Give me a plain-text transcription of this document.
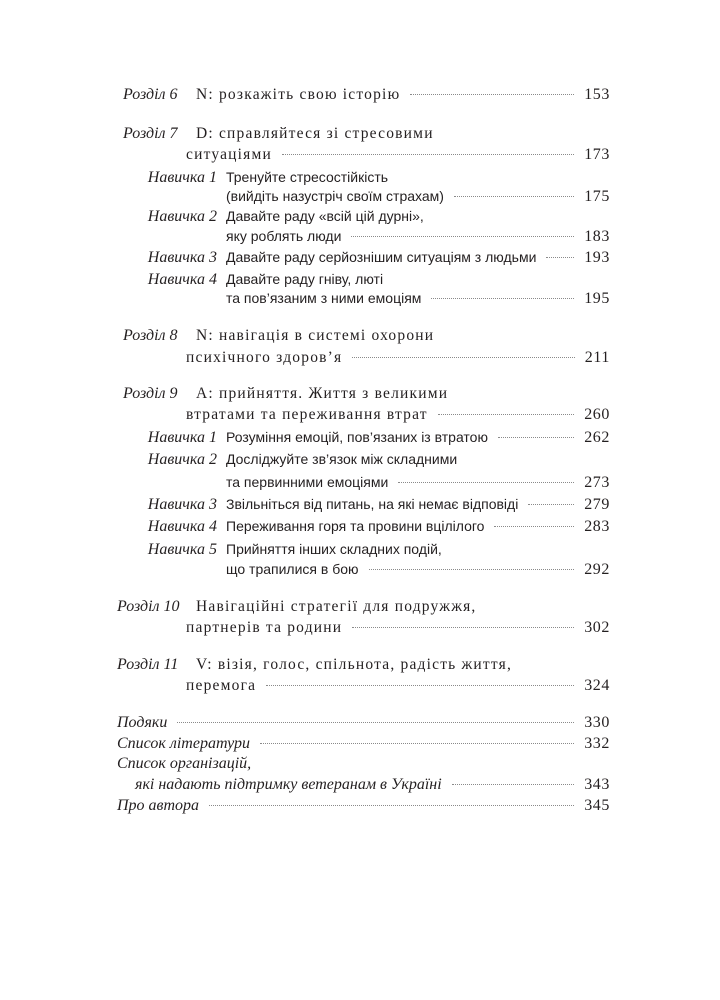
Розділ 6	N: розкажіть свою історію	153
Розділ 7	D: справляйтеся зі стресовими
ситуаціями	173
Навичка 1 Тренуйте стресостійкість
(вийдіть назустріч своїм страхам)	175
Навичка 2 Давайте раду «всій цій дурні»,
яку роблять люди	183
Навичка 3 Давайте раду серйознішим ситуаціям з людьми	193
Навичка 4 Давайте раду гніву, люті
та пов’язаним з ними емоціям	195
Розділ 8	N: навігація в системі охорони
психічного здоров’я	211
Розділ 9	A: прийняття. Життя з великими
втратами та переживання втрат	260
Навичка 1 Розуміння емоцій, пов’язаних із втратою	262
Навичка 2 Досліджуйте зв’язок між складними
та первинними емоціями	273
Навичка 3 Звільніться від питань, на які немає відповіді	279
Навичка 4 Переживання горя та провини вцілілого	283
Навичка 5 Прийняття інших складних подій,
що трапилися в бою	292
Розділ 10	Навігаційні стратегії для подружжя,
партнерів та родини	302
Розділ 11	V: візія, голос, спільнота, радість життя,
перемога	324
Подяки	330
Список літератури	332
Список організацій,
які надають підтримку ветеранам в Україні	343
Про автора	345
